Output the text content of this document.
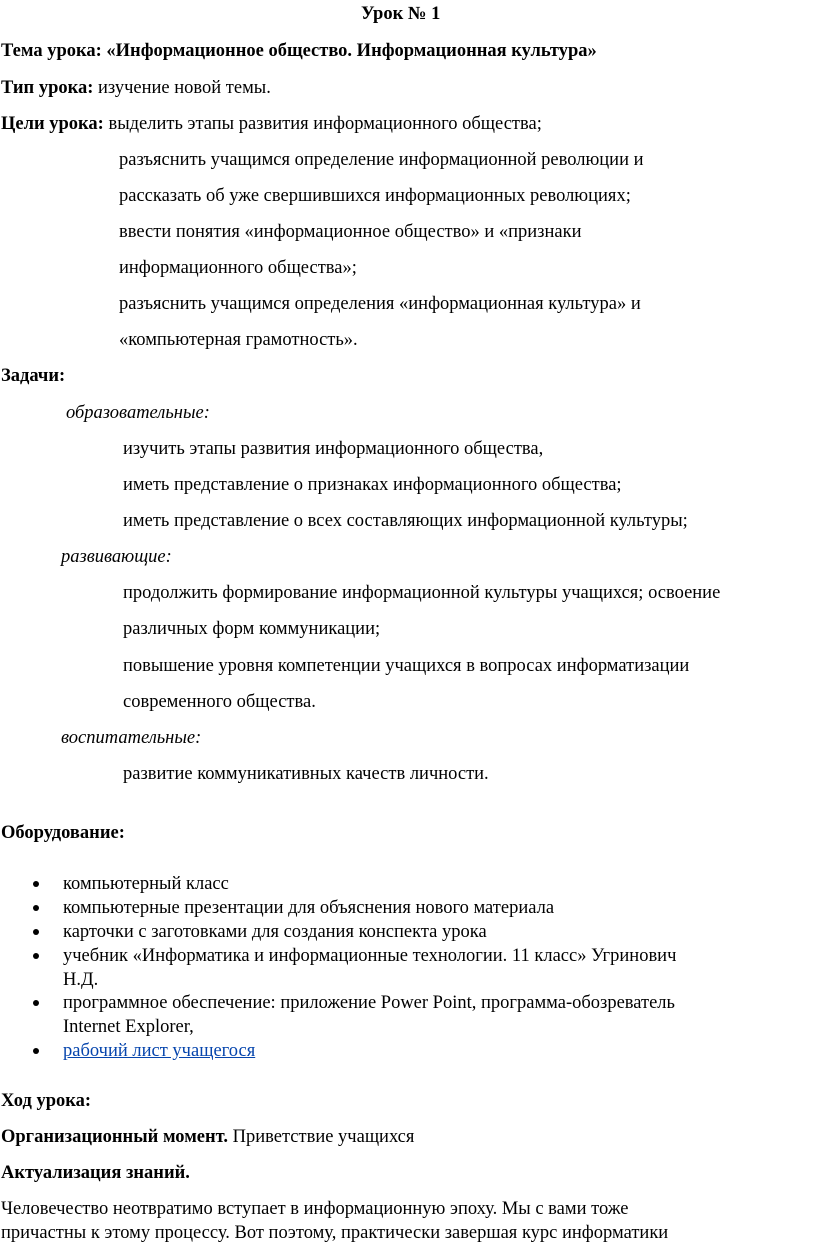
Урок № 1
Тема урока: «Информационное общество. Информационная культура»
Тип урока: изучение новой темы.
Цели урока: выделить этапы развития информационного общества;
разъяснить учащимся определение информационной революции и
рассказать об уже свершившихся информационных революциях;
ввести понятия «информационное общество» и «признаки
информационного общества»;
разъяснить учащимся определения «информационная культура» и
«компьютерная грамотность».
Задачи:
образовательные:
изучить этапы развития информационного общества,
иметь представление о признаках информационного общества;
иметь представление о всех составляющих информационной культуры;
развивающие:
продолжить формирование информационной культуры учащихся; освоение
различных форм коммуникации;
повышение уровня компетенции учащихся в вопросах информатизации
современного общества.
воспитательные:
развитие коммуникативных качеств личности.
Оборудование:
компьютерный класс
компьютерные презентации для объяснения нового материала
карточки с заготовками для создания конспекта урока
учебник «Информатика и информационные технологии. 11 класс» Угринович
Н.Д.
программное обеспечение: приложение Power Point, программа-обозреватель
Internet Explorer,
рабочий лист учащегося
Ход урока:
Организационный момент. Приветствие учащихся
Актуализация знаний.
Человечество неотвратимо вступает в информационную эпоху. Мы с вами тоже
причастны к этому процессу. Вот поэтому, практически завершая курс информатики
